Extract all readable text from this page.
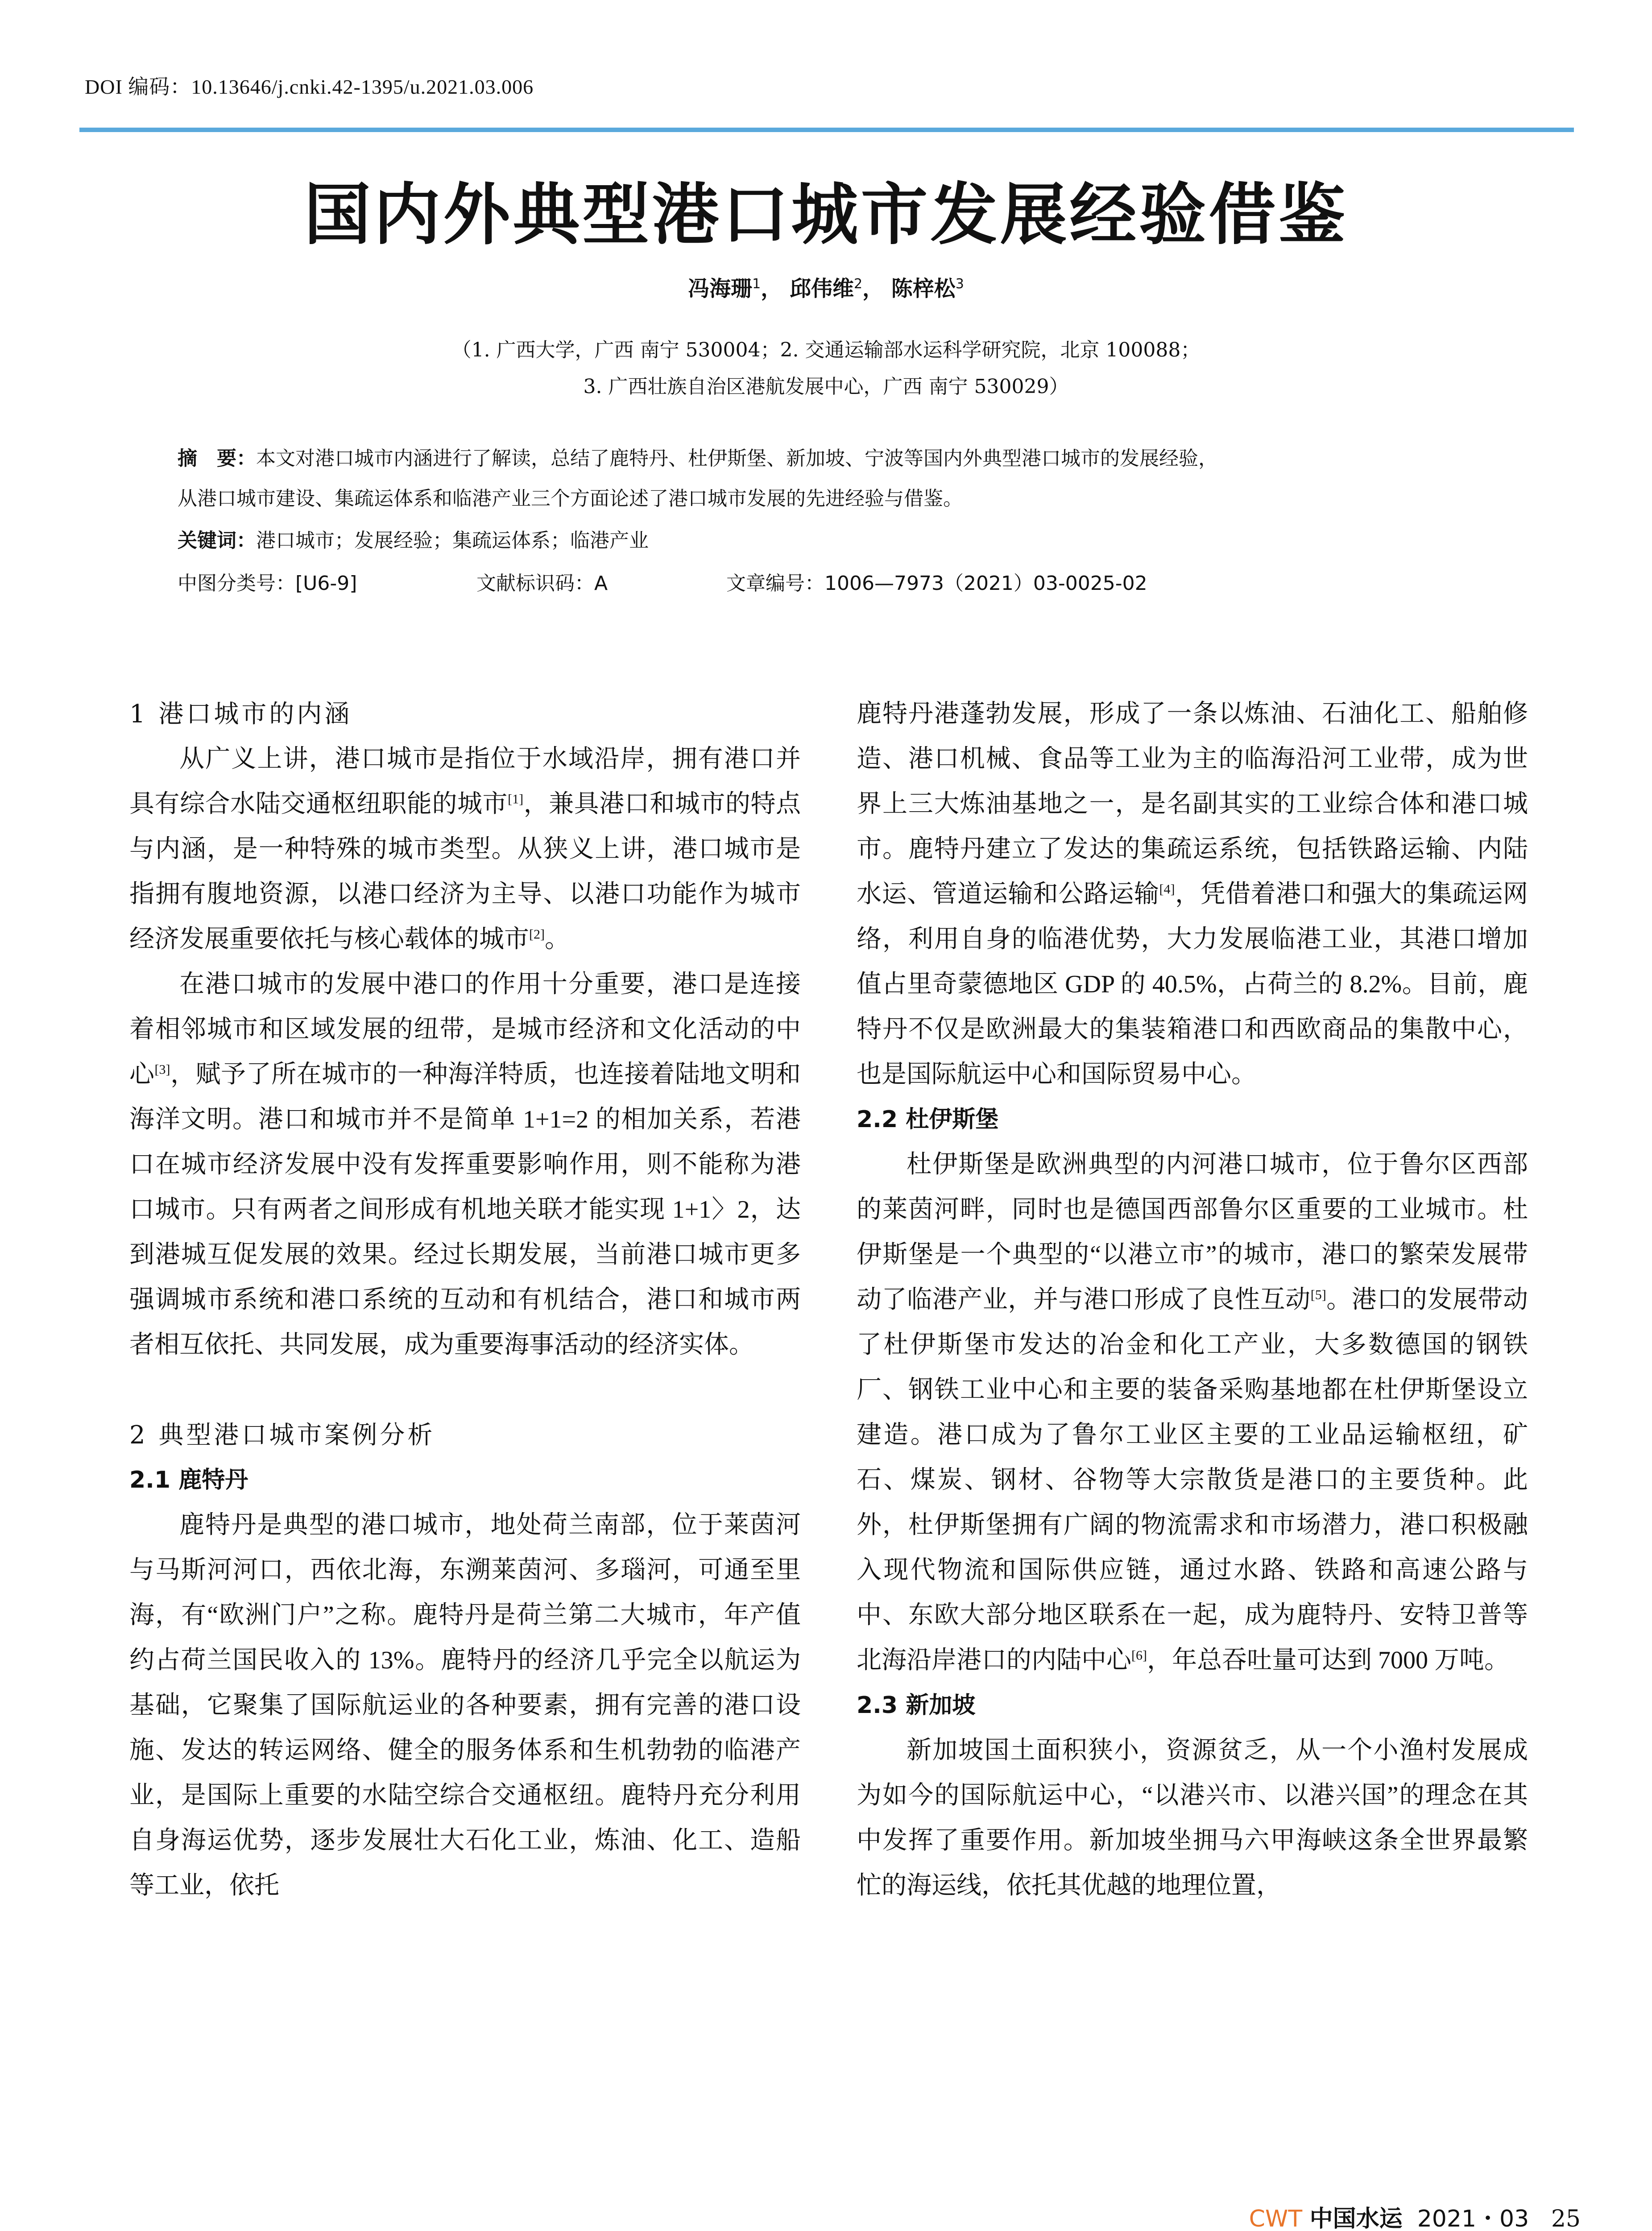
DOI 编码：10.13646/j.cnki.42-1395/u.2021.03.006
国内外典型港口城市发展经验借鉴
冯海珊$^1$， 邱伟维$^2$， 陈梓松$^3$
（1. 广西大学，广西 南宁 530004；2. 交通运输部水运科学研究院，北京 100088；
3. 广西壮族自治区港航发展中心，广西 南宁 530029）
摘　要：本文对港口城市内涵进行了解读，总结了鹿特丹、杜伊斯堡、新加坡、宁波等国内外典型港口城市的发展经验，
从港口城市建设、集疏运体系和临港产业三个方面论述了港口城市发展的先进经验与借鉴。
关键词：港口城市；发展经验；集疏运体系；临港产业
中图分类号：[U6-9]	文献标识码：A	文章编号：1006—7973（2021）03-0025-02
1 港口城市的内涵

从广义上讲，港口城市是指位于水域沿岸，拥有港口并具有综合水陆交通枢纽职能的城市[1]，兼具港口和城市的特点与内涵，是一种特殊的城市类型。从狭义上讲，港口城市是指拥有腹地资源，以港口经济为主导、以港口功能作为城市经济发展重要依托与核心载体的城市[2]。

在港口城市的发展中港口的作用十分重要，港口是连接着相邻城市和区域发展的纽带，是城市经济和文化活动的中心[3]，赋予了所在城市的一种海洋特质，也连接着陆地文明和海洋文明。港口和城市并不是简单 1+1=2 的相加关系，若港口在城市经济发展中没有发挥重要影响作用，则不能称为港口城市。只有两者之间形成有机地关联才能实现 1+1〉2，达到港城互促发展的效果。经过长期发展，当前港口城市更多强调城市系统和港口系统的互动和有机结合，港口和城市两者相互依托、共同发展，成为重要海事活动的经济实体。

2 典型港口城市案例分析
2.1 鹿特丹

鹿特丹是典型的港口城市，地处荷兰南部，位于莱茵河与马斯河河口，西依北海，东溯莱茵河、多瑙河，可通至里海，有“欧洲门户”之称。鹿特丹是荷兰第二大城市，年产值约占荷兰国民收入的 13%。鹿特丹的经济几乎完全以航运为基础，它聚集了国际航运业的各种要素，拥有完善的港口设施、发达的转运网络、健全的服务体系和生机勃勃的临港产业，是国际上重要的水陆空综合交通枢纽。鹿特丹充分利用自身海运优势，逐步发展壮大石化工业，炼油、化工、造船等工业，依托

鹿特丹港蓬勃发展，形成了一条以炼油、石油化工、船舶修造、港口机械、食品等工业为主的临海沿河工业带，成为世界上三大炼油基地之一，是名副其实的工业综合体和港口城市。鹿特丹建立了发达的集疏运系统，包括铁路运输、内陆水运、管道运输和公路运输[4]，凭借着港口和强大的集疏运网络，利用自身的临港优势，大力发展临港工业，其港口增加值占里奇蒙德地区 GDP 的 40.5%，占荷兰的 8.2%。目前，鹿特丹不仅是欧洲最大的集装箱港口和西欧商品的集散中心，也是国际航运中心和国际贸易中心。

2.2 杜伊斯堡

杜伊斯堡是欧洲典型的内河港口城市，位于鲁尔区西部的莱茵河畔，同时也是德国西部鲁尔区重要的工业城市。杜伊斯堡是一个典型的“以港立市”的城市，港口的繁荣发展带动了临港产业，并与港口形成了良性互动[5]。港口的发展带动了杜伊斯堡市发达的冶金和化工产业，大多数德国的钢铁厂、钢铁工业中心和主要的装备采购基地都在杜伊斯堡设立建造。港口成为了鲁尔工业区主要的工业品运输枢纽，矿石、煤炭、钢材、谷物等大宗散货是港口的主要货种。此外，杜伊斯堡拥有广阔的物流需求和市场潜力，港口积极融入现代物流和国际供应链，通过水路、铁路和高速公路与中、东欧大部分地区联系在一起，成为鹿特丹、安特卫普等北海沿岸港口的内陆中心[6]，年总吞吐量可达到 7000 万吨。

2.3 新加坡

新加坡国土面积狭小，资源贫乏，从一个小渔村发展成为如今的国际航运中心，“以港兴市、以港兴国”的理念在其中发挥了重要作用。新加坡坐拥马六甲海峡这条全世界最繁忙的海运线，依托其优越的地理位置，

CWT 中国水运 2021・03 25
